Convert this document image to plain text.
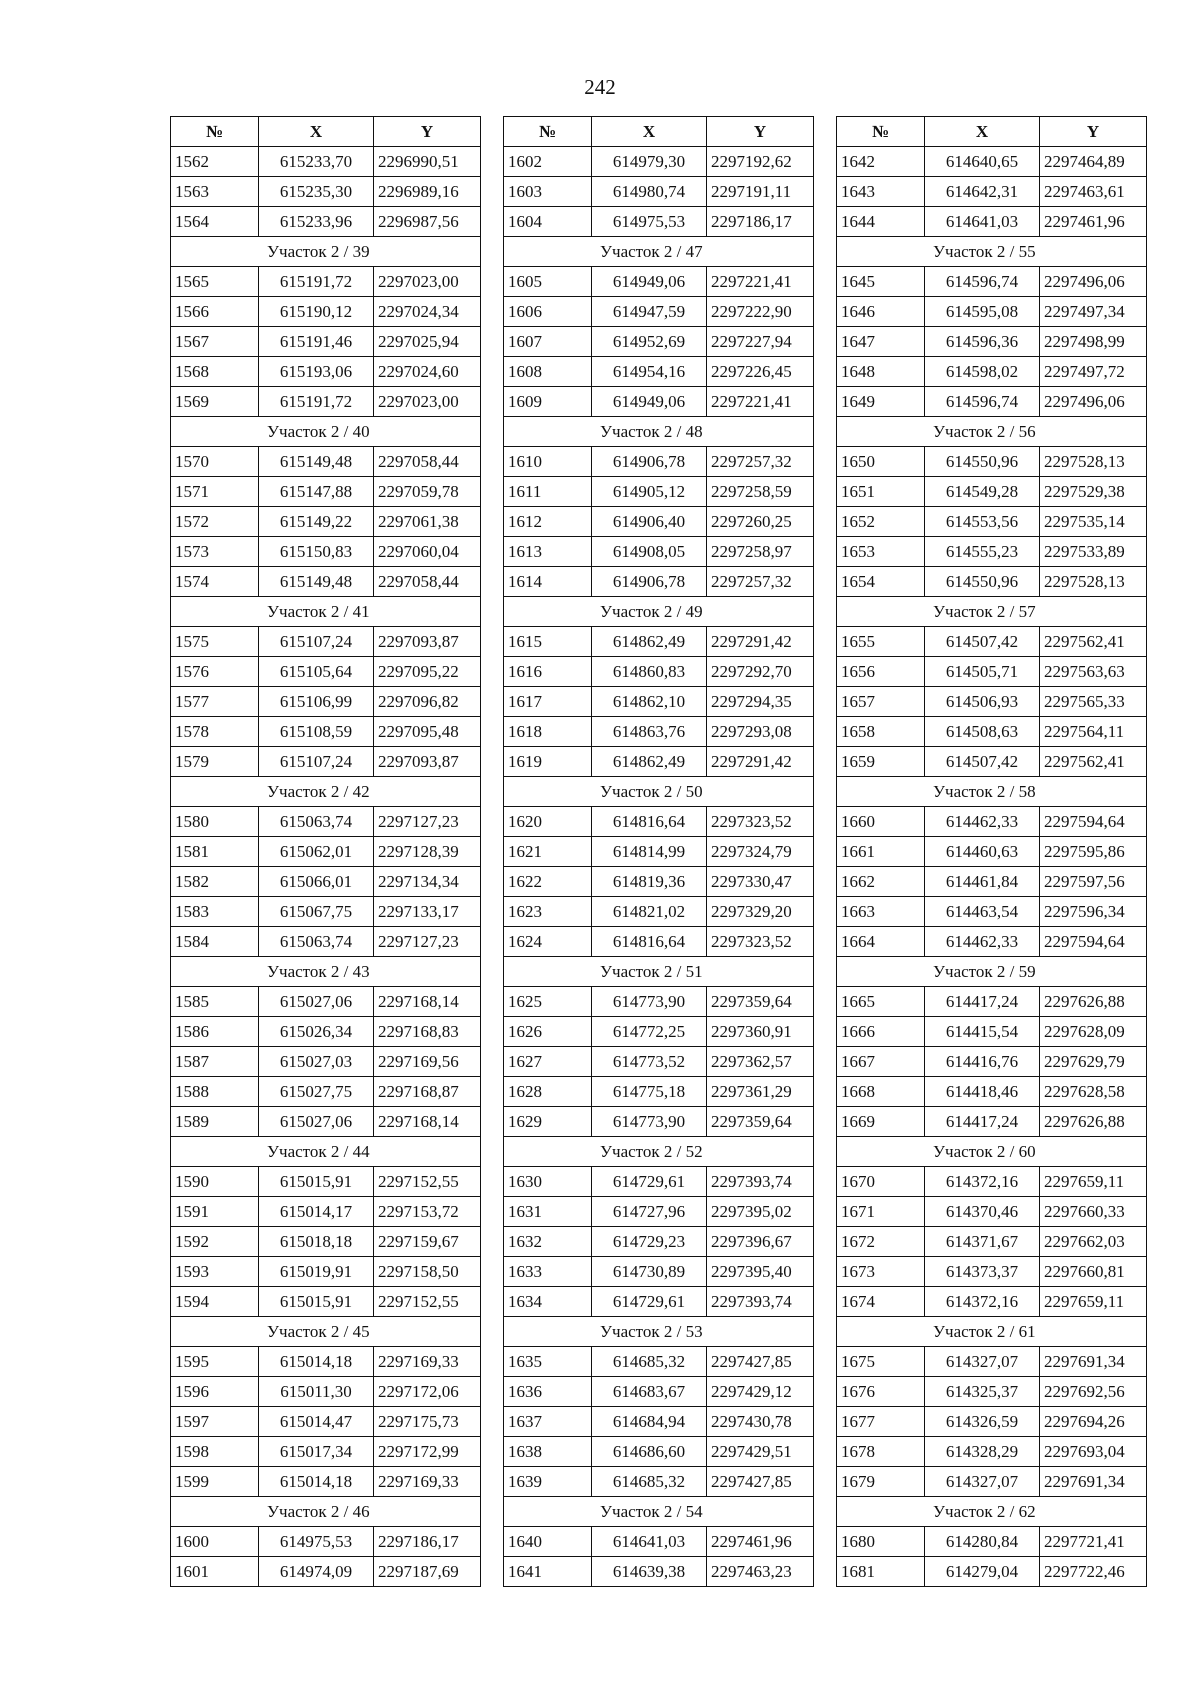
242
№	X	Y
1562	615233,70	2296990,51
1563	615235,30	2296989,16
1564	615233,96	2296987,56
Участок 2 / 39		
1565	615191,72	2297023,00
1566	615190,12	2297024,34
1567	615191,46	2297025,94
1568	615193,06	2297024,60
1569	615191,72	2297023,00
Участок 2 / 40		
1570	615149,48	2297058,44
1571	615147,88	2297059,78
1572	615149,22	2297061,38
1573	615150,83	2297060,04
1574	615149,48	2297058,44
Участок 2 / 41		
1575	615107,24	2297093,87
1576	615105,64	2297095,22
1577	615106,99	2297096,82
1578	615108,59	2297095,48
1579	615107,24	2297093,87
Участок 2 / 42		
1580	615063,74	2297127,23
1581	615062,01	2297128,39
1582	615066,01	2297134,34
1583	615067,75	2297133,17
1584	615063,74	2297127,23
Участок 2 / 43		
1585	615027,06	2297168,14
1586	615026,34	2297168,83
1587	615027,03	2297169,56
1588	615027,75	2297168,87
1589	615027,06	2297168,14
Участок 2 / 44		
1590	615015,91	2297152,55
1591	615014,17	2297153,72
1592	615018,18	2297159,67
1593	615019,91	2297158,50
1594	615015,91	2297152,55
Участок 2 / 45		
1595	615014,18	2297169,33
1596	615011,30	2297172,06
1597	615014,47	2297175,73
1598	615017,34	2297172,99
1599	615014,18	2297169,33
Участок 2 / 46		
1600	614975,53	2297186,17
1601	614974,09	2297187,69
№	X	Y
1602	614979,30	2297192,62
1603	614980,74	2297191,11
1604	614975,53	2297186,17
Участок 2 / 47		
1605	614949,06	2297221,41
1606	614947,59	2297222,90
1607	614952,69	2297227,94
1608	614954,16	2297226,45
1609	614949,06	2297221,41
Участок 2 / 48		
1610	614906,78	2297257,32
1611	614905,12	2297258,59
1612	614906,40	2297260,25
1613	614908,05	2297258,97
1614	614906,78	2297257,32
Участок 2 / 49		
1615	614862,49	2297291,42
1616	614860,83	2297292,70
1617	614862,10	2297294,35
1618	614863,76	2297293,08
1619	614862,49	2297291,42
Участок 2 / 50		
1620	614816,64	2297323,52
1621	614814,99	2297324,79
1622	614819,36	2297330,47
1623	614821,02	2297329,20
1624	614816,64	2297323,52
Участок 2 / 51		
1625	614773,90	2297359,64
1626	614772,25	2297360,91
1627	614773,52	2297362,57
1628	614775,18	2297361,29
1629	614773,90	2297359,64
Участок 2 / 52		
1630	614729,61	2297393,74
1631	614727,96	2297395,02
1632	614729,23	2297396,67
1633	614730,89	2297395,40
1634	614729,61	2297393,74
Участок 2 / 53		
1635	614685,32	2297427,85
1636	614683,67	2297429,12
1637	614684,94	2297430,78
1638	614686,60	2297429,51
1639	614685,32	2297427,85
Участок 2 / 54		
1640	614641,03	2297461,96
1641	614639,38	2297463,23
№	X	Y
1642	614640,65	2297464,89
1643	614642,31	2297463,61
1644	614641,03	2297461,96
Участок 2 / 55		
1645	614596,74	2297496,06
1646	614595,08	2297497,34
1647	614596,36	2297498,99
1648	614598,02	2297497,72
1649	614596,74	2297496,06
Участок 2 / 56		
1650	614550,96	2297528,13
1651	614549,28	2297529,38
1652	614553,56	2297535,14
1653	614555,23	2297533,89
1654	614550,96	2297528,13
Участок 2 / 57		
1655	614507,42	2297562,41
1656	614505,71	2297563,63
1657	614506,93	2297565,33
1658	614508,63	2297564,11
1659	614507,42	2297562,41
Участок 2 / 58		
1660	614462,33	2297594,64
1661	614460,63	2297595,86
1662	614461,84	2297597,56
1663	614463,54	2297596,34
1664	614462,33	2297594,64
Участок 2 / 59		
1665	614417,24	2297626,88
1666	614415,54	2297628,09
1667	614416,76	2297629,79
1668	614418,46	2297628,58
1669	614417,24	2297626,88
Участок 2 / 60		
1670	614372,16	2297659,11
1671	614370,46	2297660,33
1672	614371,67	2297662,03
1673	614373,37	2297660,81
1674	614372,16	2297659,11
Участок 2 / 61		
1675	614327,07	2297691,34
1676	614325,37	2297692,56
1677	614326,59	2297694,26
1678	614328,29	2297693,04
1679	614327,07	2297691,34
Участок 2 / 62		
1680	614280,84	2297721,41
1681	614279,04	2297722,46
